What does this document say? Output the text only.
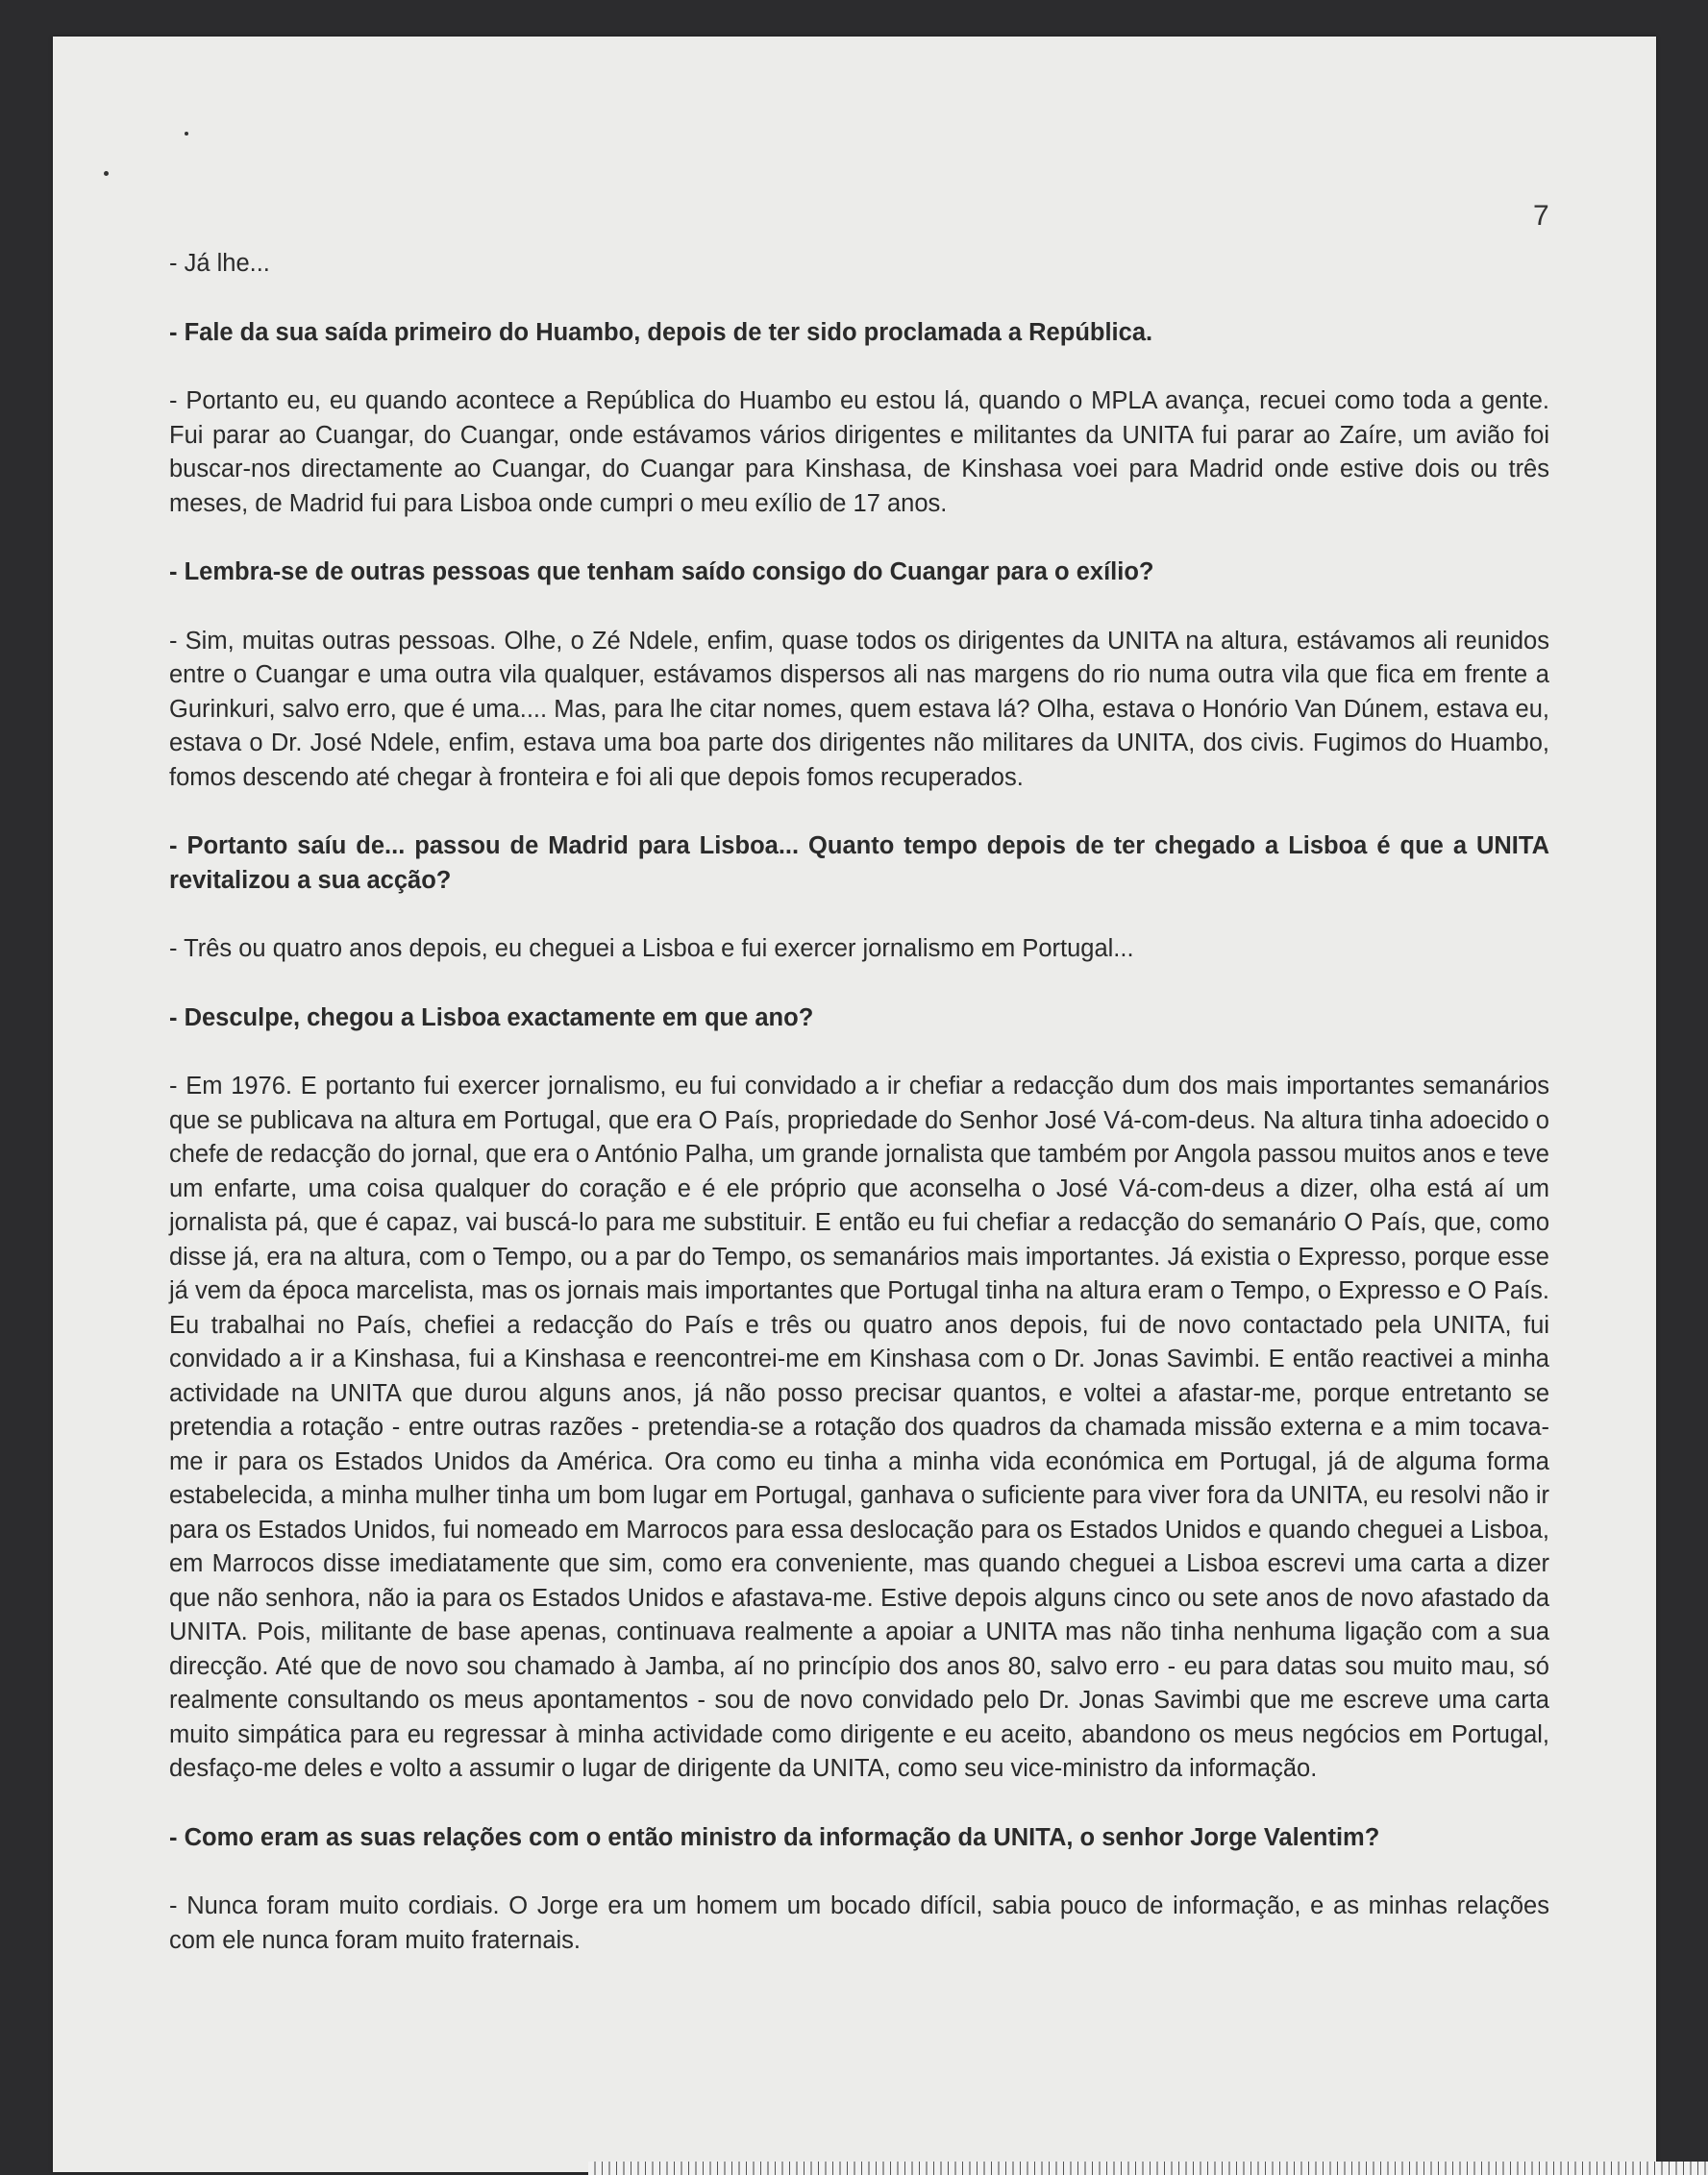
7

- Já lhe...

- Fale da sua saída primeiro do Huambo, depois de ter sido proclamada a República.

- Portanto eu, eu quando acontece a República do Huambo eu estou lá, quando o MPLA avança, recuei como toda a gente. Fui parar ao Cuangar, do Cuangar, onde estávamos vários dirigentes e militantes da UNITA fui parar ao Zaíre, um avião foi buscar-nos directamente ao Cuangar, do Cuangar para Kinshasa, de Kinshasa voei para Madrid onde estive dois ou três meses, de Madrid fui para Lisboa onde cumpri o meu exílio de 17 anos.

- Lembra-se de outras pessoas que tenham saído consigo do Cuangar para o exílio?

- Sim, muitas outras pessoas. Olhe, o Zé Ndele, enfim, quase todos os dirigentes da UNITA na altura, estávamos ali reunidos entre o Cuangar e uma outra vila qualquer, estávamos dispersos ali nas margens do rio numa outra vila que fica em frente a Gurinkuri, salvo erro, que é uma.... Mas, para lhe citar nomes, quem estava lá? Olha, estava o Honório Van Dúnem, estava eu, estava o Dr. José Ndele, enfim, estava uma boa parte dos dirigentes não militares da UNITA, dos civis. Fugimos do Huambo, fomos descendo até chegar à fronteira e foi ali que depois fomos recuperados.

- Portanto saíu de... passou de Madrid para Lisboa... Quanto tempo depois de ter chegado a Lisboa é que a UNITA revitalizou a sua acção?

- Três ou quatro anos depois, eu cheguei a Lisboa e fui exercer jornalismo em Portugal...

- Desculpe, chegou a Lisboa exactamente em que ano?

- Em 1976. E portanto fui exercer jornalismo, eu fui convidado a ir chefiar a redacção dum dos mais importantes semanários que se publicava na altura em Portugal, que era O País, propriedade do Senhor José Vá-com-deus. Na altura tinha adoecido o chefe de redacção do jornal, que era o António Palha, um grande jornalista que também por Angola passou muitos anos e teve um enfarte, uma coisa qualquer do coração e é ele próprio que aconselha o José Vá-com-deus a dizer, olha está aí um jornalista pá, que é capaz, vai buscá-lo para me substituir. E então eu fui chefiar a redacção do semanário O País, que, como disse já, era na altura, com o Tempo, ou a par do Tempo, os semanários mais importantes. Já existia o Expresso, porque esse já vem da época marcelista, mas os jornais mais importantes que Portugal tinha na altura eram o Tempo, o Expresso e O País. Eu trabalhai no País, chefiei a redacção do País e três ou quatro anos depois, fui de novo contactado pela UNITA, fui convidado a ir a Kinshasa, fui a Kinshasa e reencontrei-me em Kinshasa com o Dr. Jonas Savimbi. E então reactivei a minha actividade na UNITA que durou alguns anos, já não posso precisar quantos, e voltei a afastar-me, porque entretanto se pretendia a rotação - entre outras razões - pretendia-se a rotação dos quadros da chamada missão externa e a mim tocava-me ir para os Estados Unidos da América. Ora como eu tinha a minha vida económica em Portugal, já de alguma forma estabelecida, a minha mulher tinha um bom lugar em Portugal, ganhava o suficiente para viver fora da UNITA, eu resolvi não ir para os Estados Unidos, fui nomeado em Marrocos para essa deslocação para os Estados Unidos e quando cheguei a Lisboa, em Marrocos disse imediatamente que sim, como era conveniente, mas quando cheguei a Lisboa escrevi uma carta a dizer que não senhora, não ia para os Estados Unidos e afastava-me. Estive depois alguns cinco ou sete anos de novo afastado da UNITA. Pois, militante de base apenas, continuava realmente a apoiar a UNITA mas não tinha nenhuma ligação com a sua direcção. Até que de novo sou chamado à Jamba, aí no princípio dos anos 80, salvo erro - eu para datas sou muito mau, só realmente consultando os meus apontamentos - sou de novo convidado pelo Dr. Jonas Savimbi que me escreve uma carta muito simpática para eu regressar à minha actividade como dirigente e eu aceito, abandono os meus negócios em Portugal, desfaço-me deles e volto a assumir o lugar de dirigente da UNITA, como seu vice-ministro da informação.

- Como eram as suas relações com o então ministro da informação da UNITA, o senhor Jorge Valentim?

- Nunca foram muito cordiais. O Jorge era um homem um bocado difícil, sabia pouco de informação, e as minhas relações com ele nunca foram muito fraternais.
